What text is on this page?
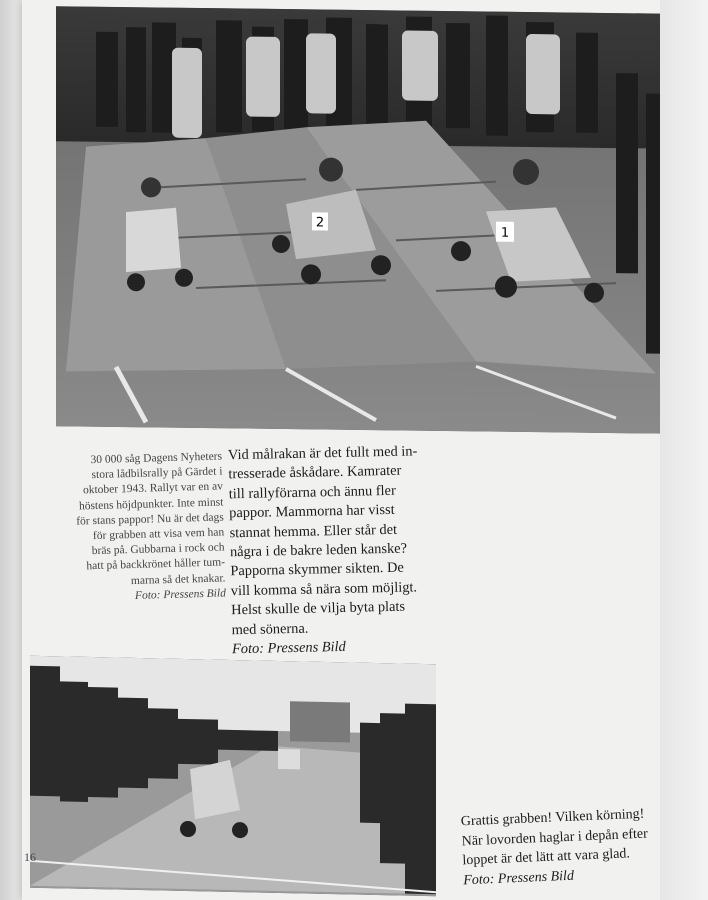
2
1
30 000 såg Dagens Nyheters
stora lådbilsrally på Gärdet i
oktober 1943. Rallyt var en av
höstens höjdpunkter. Inte minst
för stans pappor! Nu är det dags
för grabben att visa vem han
bräs på. Gubbarna i rock och
hatt på backkrönet håller tum-
marna så det knakar.
Foto: Pressens Bild
Vid målrakan är det fullt med in-
tresserade åskådare. Kamrater
till rallyförarna och ännu fler
pappor. Mammorna har visst
stannat hemma. Eller står det
några i de bakre leden kanske?
Papporna skymmer sikten. De
vill komma så nära som möjligt.
Helst skulle de vilja byta plats
med sönerna.
Foto: Pressens Bild
Grattis grabben! Vilken körning!
När lovorden haglar i depån efter
loppet är det lätt att vara glad.
Foto: Pressens Bild
16
